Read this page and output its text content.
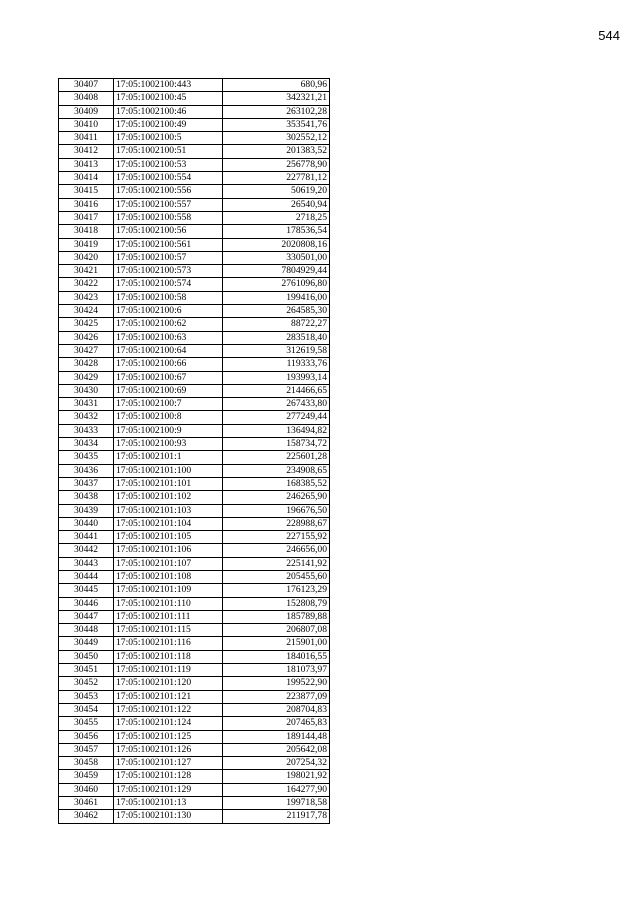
544
30407	17:05:1002100:443	680,96
30408	17:05:1002100:45	342321,21
30409	17:05:1002100:46	263102,28
30410	17:05:1002100:49	353541,76
30411	17:05:1002100:5	302552,12
30412	17:05:1002100:51	201383,52
30413	17:05:1002100:53	256778,90
30414	17:05:1002100:554	227781,12
30415	17:05:1002100:556	50619,20
30416	17:05:1002100:557	26540,94
30417	17:05:1002100:558	2718,25
30418	17:05:1002100:56	178536,54
30419	17:05:1002100:561	2020808,16
30420	17:05:1002100:57	330501,00
30421	17:05:1002100:573	7804929,44
30422	17:05:1002100:574	2761096,80
30423	17:05:1002100:58	199416,00
30424	17:05:1002100:6	264585,30
30425	17:05:1002100:62	88722,27
30426	17:05:1002100:63	283518,40
30427	17:05:1002100:64	312619,58
30428	17:05:1002100:66	119333,76
30429	17:05:1002100:67	193993,14
30430	17:05:1002100:69	214466,65
30431	17:05:1002100:7	267433,80
30432	17:05:1002100:8	277249,44
30433	17:05:1002100:9	136494,82
30434	17:05:1002100:93	158734,72
30435	17:05:1002101:1	225601,28
30436	17:05:1002101:100	234908,65
30437	17:05:1002101:101	168385,52
30438	17:05:1002101:102	246265,90
30439	17:05:1002101:103	196676,50
30440	17:05:1002101:104	228988,67
30441	17:05:1002101:105	227155,92
30442	17:05:1002101:106	246656,00
30443	17:05:1002101:107	225141,92
30444	17:05:1002101:108	205455,60
30445	17:05:1002101:109	176123,29
30446	17:05:1002101:110	152808,79
30447	17:05:1002101:111	185789,88
30448	17:05:1002101:115	206807,08
30449	17:05:1002101:116	215901,00
30450	17:05:1002101:118	184016,55
30451	17:05:1002101:119	181073,97
30452	17:05:1002101:120	199522,90
30453	17:05:1002101:121	223877,09
30454	17:05:1002101:122	208704,83
30455	17:05:1002101:124	207465,83
30456	17:05:1002101:125	189144,48
30457	17:05:1002101:126	205642,08
30458	17:05:1002101:127	207254,32
30459	17:05:1002101:128	198021,92
30460	17:05:1002101:129	164277,90
30461	17:05:1002101:13	199718,58
30462	17:05:1002101:130	211917,78
